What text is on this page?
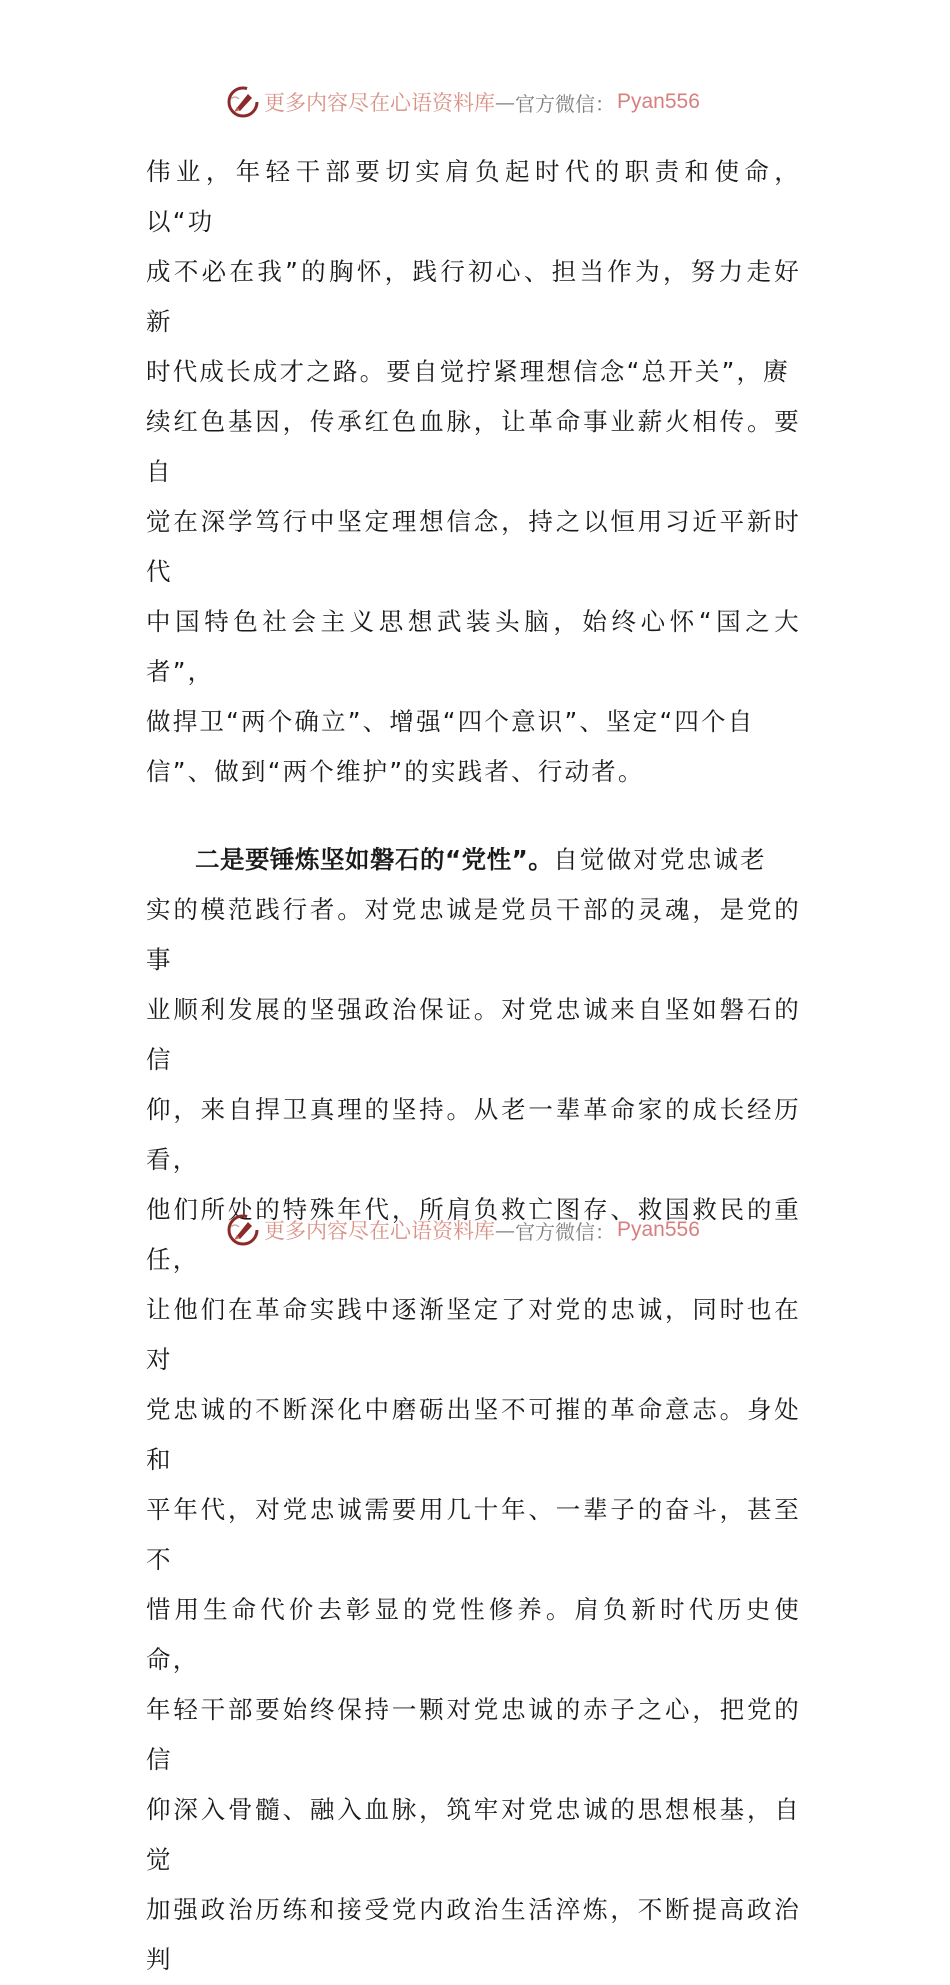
更多内容尽在心语资料库 — 官方微信： Pyan556
伟业，年轻干部要切实肩负起时代的职责和使命，以“功
成不必在我”的胸怀，践行初心、担当作为，努力走好新
时代成长成才之路。要自觉拧紧理想信念“总开关”，赓
续红色基因，传承红色血脉，让革命事业薪火相传。要自
觉在深学笃行中坚定理想信念，持之以恒用习近平新时代
中国特色社会主义思想武装头脑，始终心怀“国之大者”，
做捍卫“两个确立”、增强“四个意识”、坚定“四个自
信”、做到“两个维护”的实践者、行动者。
二是要锤炼坚如磐石的“党性”。自觉做对党忠诚老
实的模范践行者。对党忠诚是党员干部的灵魂，是党的事
业顺利发展的坚强政治保证。对党忠诚来自坚如磐石的信
仰，来自捍卫真理的坚持。从老一辈革命家的成长经历看，
他们所处的特殊年代，所肩负救亡图存、救国救民的重任，
让他们在革命实践中逐渐坚定了对党的忠诚，同时也在对
党忠诚的不断深化中磨砺出坚不可摧的革命意志。身处和
平年代，对党忠诚需要用几十年、一辈子的奋斗，甚至不
惜用生命代价去彰显的党性修养。肩负新时代历史使命，
年轻干部要始终保持一颗对党忠诚的赤子之心，把党的信
仰深入骨髓、融入血脉，筑牢对党忠诚的思想根基，自觉
加强政治历练和接受党内政治生活淬炼，不断提高政治判
更多内容尽在心语资料库 — 官方微信： Pyan556
